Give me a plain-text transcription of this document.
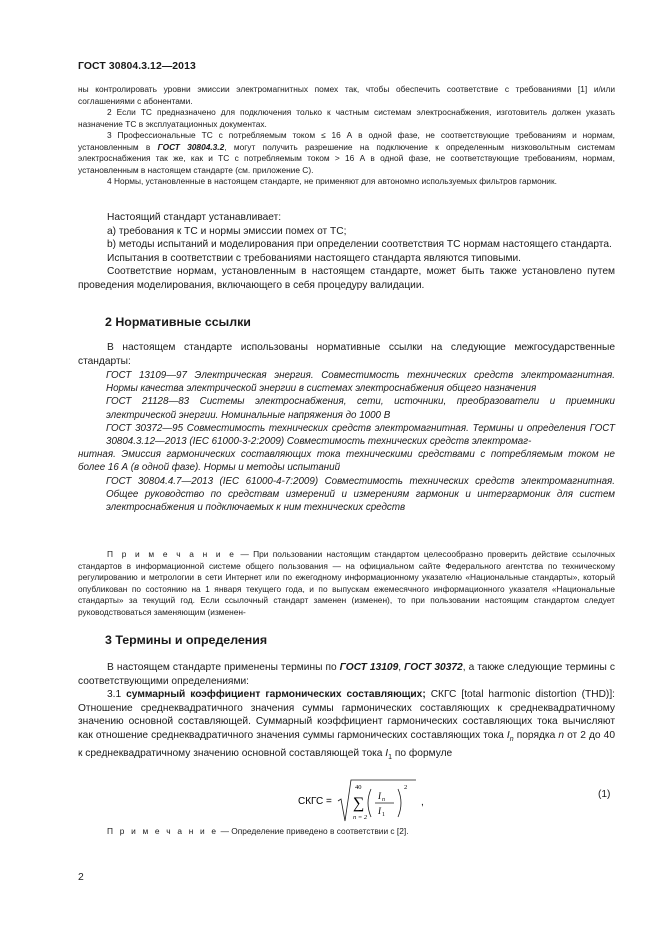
ГОСТ 30804.3.12—2013

ны контролировать уровни эмиссии электромагнитных помех так, чтобы обеспечить соответствие с требованиями [1] и/или соглашениями с абонентами.

2 Если ТС предназначено для подключения только к частным системам электроснабжения, изготовитель должен указать назначение ТС в эксплуатационных документах.

3 Профессиональные ТС с потребляемым током ≤ 16 А в одной фазе, не соответствующие требованиям и нормам, установленным в ГОСТ 30804.3.2, могут получить разрешение на подключение к определенным низковольтным системам электроснабжения так же, как и ТС с потребляемым током > 16 А в одной фазе, не соответствующие требованиям, нормам, установленным в настоящем стандарте (см. приложение С).

4 Нормы, установленные в настоящем стандарте, не применяют для автономно используемых фильтров гармоник.

Настоящий стандарт устанавливает:

а) требования к ТС и нормы эмиссии помех от ТС;

b) методы испытаний и моделирования при определении соответствия ТС нормам настоящего стандарта.

Испытания в соответствии с требованиями настоящего стандарта являются типовыми.

Соответствие нормам, установленным в настоящем стандарте, может быть также установлено путем проведения моделирования, включающего в себя процедуру валидации.

2 Нормативные ссылки

В настоящем стандарте использованы нормативные ссылки на следующие межгосударственные стандарты:

ГОСТ 13109—97 Электрическая энергия. Совместимость технических средств электромагнитная. Нормы качества электрической энергии в системах электроснабжения общего назначения

ГОСТ 21128—83 Системы электроснабжения, сети, источники, преобразователи и приемники электрической энергии. Номинальные напряжения до 1000 В

ГОСТ 30372—95 Совместимость технических средств электромагнитная. Термины и определения ГОСТ 30804.3.12—2013 (IEC 61000-3-2:2009) Совместимость технических средств электромаг-

нитная. Эмиссия гармонических составляющих тока техническими средствами с потребляемым током не более 16 А (в одной фазе). Нормы и методы испытаний

ГОСТ 30804.4.7—2013 (IEC 61000-4-7:2009) Совместимость технических средств электромагнитная. Общее руководство по средствам измерений и измерениям гармоник и интергармоник для систем электроснабжения и подключаемых к ним технических средств

П р и м е ч а н и е — При пользовании настоящим стандартом целесообразно проверить действие ссылочных стандартов в информационной системе общего пользования — на официальном сайте Федерального агентства по техническому регулированию и метрологии в сети Интернет или по ежегодному информационному указателю «Национальные стандарты», который опубликован по состоянию на 1 января текущего года, и по выпускам ежемесячного информационного указателя «Национальные стандарты» за текущий год. Если ссылочный стандарт заменен (изменен), то при пользовании настоящим стандартом следует руководствоваться заменяющим (изменен-

3 Термины и определения

В настоящем стандарте применены термины по ГОСТ 13109, ГОСТ 30372, а также следующие термины с соответствующими определениями:

3.1 суммарный коэффициент гармонических составляющих; СКГС [total harmonic distortion (THD)]: Отношение среднеквадратичного значения суммы гармонических составляющих к среднеквадратичному значению основной составляющей. Суммарный коэффициент гармонических составляющих тока вычисляют как отношение среднеквадратичного значения суммы гармонических составляющих тока $I_n$ порядка n от 2 до 40 к среднеквадратичному значению основной составляющей тока $I_1$ по формуле

СКГС =
40
∑
n = 2
I n
I 1
2
,
(1)

П р и м е ч а н и е — Определение приведено в соответствии с [2].

2
